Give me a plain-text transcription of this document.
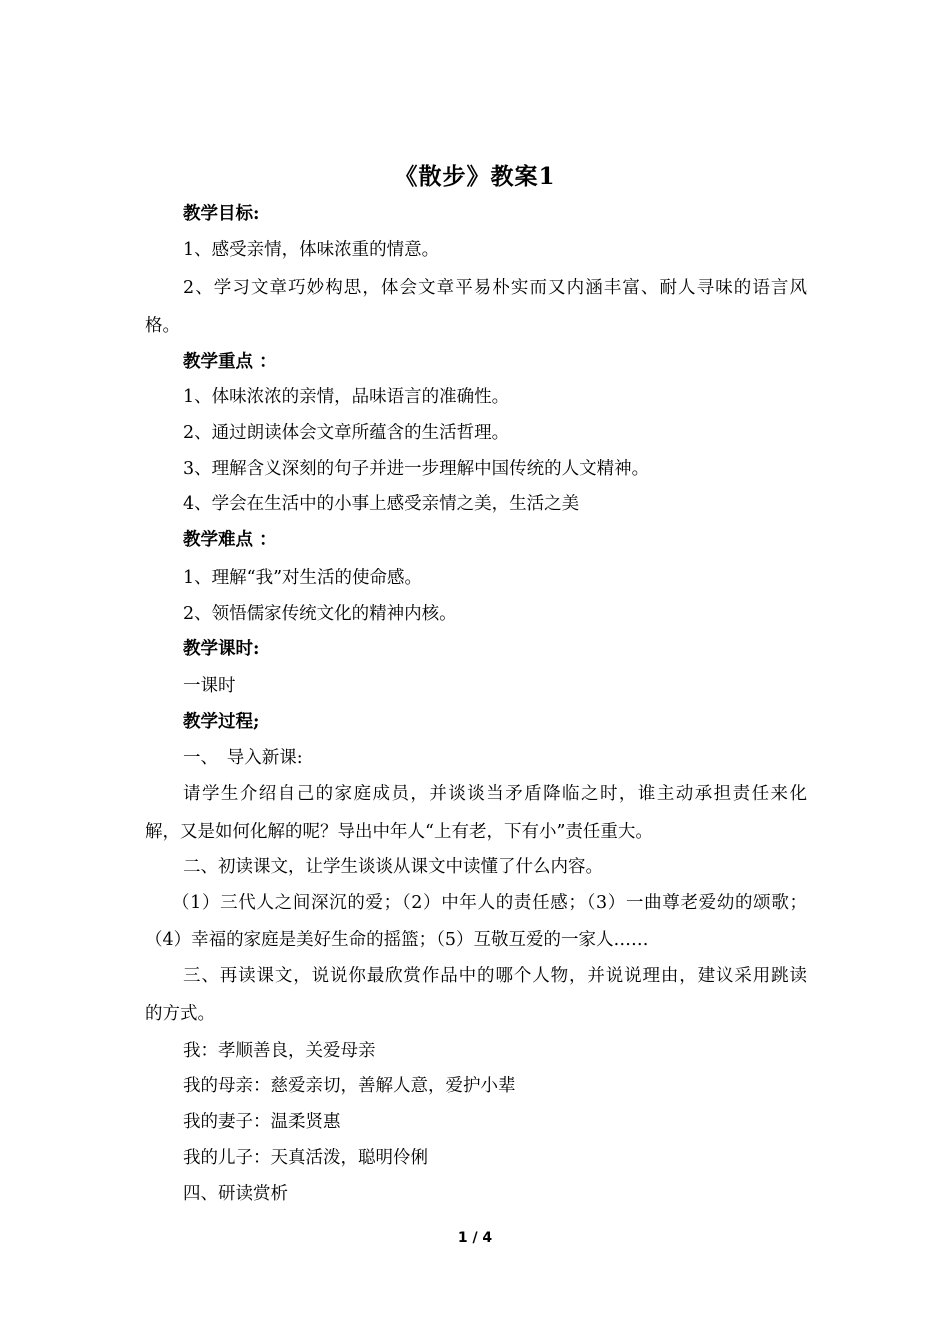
《散步》教案1
教学目标:
1、感受亲情，体味浓重的情意。
2、学习文章巧妙构思，体会文章平易朴实而又内涵丰富、耐人寻味的语言风
格。
教学重点 ：
1、体味浓浓的亲情，品味语言的准确性。
2、通过朗读体会文章所蕴含的生活哲理。
3、理解含义深刻的句子并进一步理解中国传统的人文精神。
4、学会在生活中的小事上感受亲情之美，生活之美
教学难点 ：
1、理解“我”对生活的使命感。
2、领悟儒家传统文化的精神内核。
教学课时:
一课时
教学过程;
一、　导入新课:
请学生介绍自己的家庭成员，并谈谈当矛盾降临之时，谁主动承担责任来化
解，又是如何化解的呢？导出中年人“上有老，下有小”责任重大。
二、初读课文，让学生谈谈从课文中读懂了什么内容。
（1）三代人之间深沉的爱；（2）中年人的责任感；（3）一曲尊老爱幼的颂歌；
（4）幸福的家庭是美好生命的摇篮；（5）互敬互爱的一家人……
三、再读课文，说说你最欣赏作品中的哪个人物，并说说理由，建议采用跳读
的方式。
我：孝顺善良，关爱母亲
我的母亲：慈爱亲切，善解人意，爱护小辈
我的妻子：温柔贤惠
我的儿子：天真活泼，聪明伶俐
四、研读赏析
1 / 4
